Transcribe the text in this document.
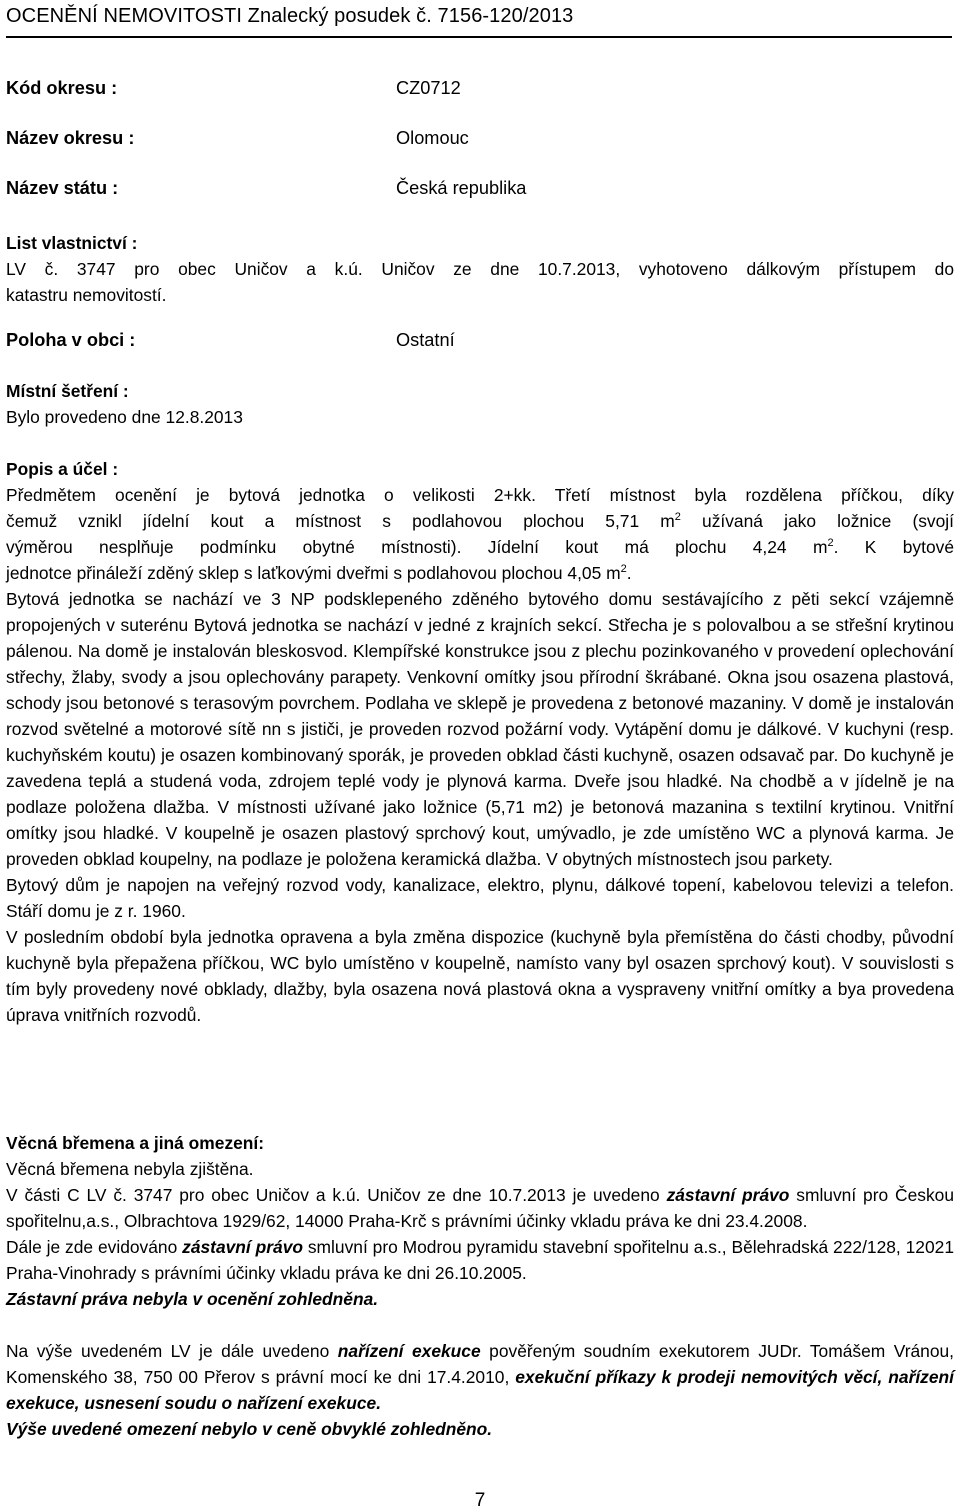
OCENĚNÍ NEMOVITOSTI Znalecký posudek č. 7156-120/2013
Kód okresu :	CZ0712
Název okresu :	Olomouc
Název státu :	Česká republika
List vlastnictví :
LV č. 3747 pro obec Uničov a k.ú. Uničov ze dne 10.7.2013, vyhotoveno dálkovým přístupem do
katastru nemovitostí.
Poloha v obci :	Ostatní
Místní šetření :
Bylo provedeno dne 12.8.2013
Popis a účel :
Předmětem ocenění je bytová jednotka o velikosti 2+kk. Třetí místnost byla rozdělena příčkou, díky
čemuž vznikl jídelní kout a místnost s podlahovou plochou 5,71 $m^2$ užívaná jako ložnice (svojí
výměrou nesplňuje podmínku obytné místnosti). Jídelní kout má plochu 4,24 $m^2$. K bytové
jednotce přináleží zděný sklep s laťkovými dveřmi s podlahovou plochou 4,05 $m^2$.
Bytová jednotka se nachází ve 3 NP podsklepeného zděného bytového domu sestávajícího z pěti sekcí vzájemně propojených v suterénu Bytová jednotka se nachází v jedné z krajních sekcí. Střecha je s polovalbou a se střešní krytinou pálenou. Na domě je instalován bleskosvod. Klempířské konstrukce jsou z plechu pozinkovaného v provedení oplechování střechy, žlaby, svody a jsou oplechovány parapety. Venkovní omítky jsou přírodní škrábané. Okna jsou osazena plastová, schody jsou betonové s terasovým povrchem. Podlaha ve sklepě je provedena z betonové mazaniny. V domě je instalován rozvod světelné a motorové sítě nn s jističi, je proveden rozvod požární vody. Vytápění domu je dálkové. V kuchyni (resp. kuchyňském koutu) je osazen kombinovaný sporák, je proveden obklad části kuchyně, osazen odsavač par. Do kuchyně je zavedena teplá a studená voda, zdrojem teplé vody je plynová karma. Dveře jsou hladké. Na chodbě a v jídelně je na podlaze položena dlažba. V místnosti užívané jako ložnice (5,71 m2) je betonová mazanina s textilní krytinou. Vnitřní omítky jsou hladké. V koupelně je osazen plastový sprchový kout, umývadlo, je zde umístěno WC a plynová karma. Je proveden obklad koupelny, na podlaze je položena keramická dlažba. V obytných místnostech jsou parkety.
Bytový dům je napojen na veřejný rozvod vody, kanalizace, elektro, plynu, dálkové topení, kabelovou televizi a telefon. Stáří domu je z r. 1960.
V posledním období byla jednotka opravena a byla změna dispozice (kuchyně byla přemístěna do části chodby, původní kuchyně byla přepažena příčkou, WC bylo umístěno v koupelně, namísto vany byl osazen sprchový kout). V souvislosti s tím byly provedeny nové obklady, dlažby, byla osazena nová plastová okna a vyspraveny vnitřní omítky a bya provedena úprava vnitřních rozvodů.
Věcná břemena a jiná omezení:
Věcná břemena nebyla zjištěna.
V části C LV č. 3747 pro obec Uničov a k.ú. Uničov ze dne 10.7.2013 je uvedeno zástavní právo smluvní pro Českou spořitelnu,a.s., Olbrachtova 1929/62, 14000 Praha-Krč s právními účinky vkladu práva ke dni 23.4.2008.
Dále je zde evidováno zástavní právo smluvní pro Modrou pyramidu stavební spořitelnu a.s., Bělehradská 222/128, 12021 Praha-Vinohrady s právními účinky vkladu práva ke dni 26.10.2005.
Zástavní práva nebyla v ocenění zohledněna.
Na výše uvedeném LV je dále uvedeno nařízení exekuce pověřeným soudním exekutorem JUDr. Tomášem Vránou, Komenského 38, 750 00 Přerov s právní mocí ke dni 17.4.2010, exekuční příkazy k prodeji nemovitých věcí, nařízení exekuce, usnesení soudu o nařízení exekuce.
Výše uvedené omezení nebylo v ceně obvyklé zohledněno.
7
